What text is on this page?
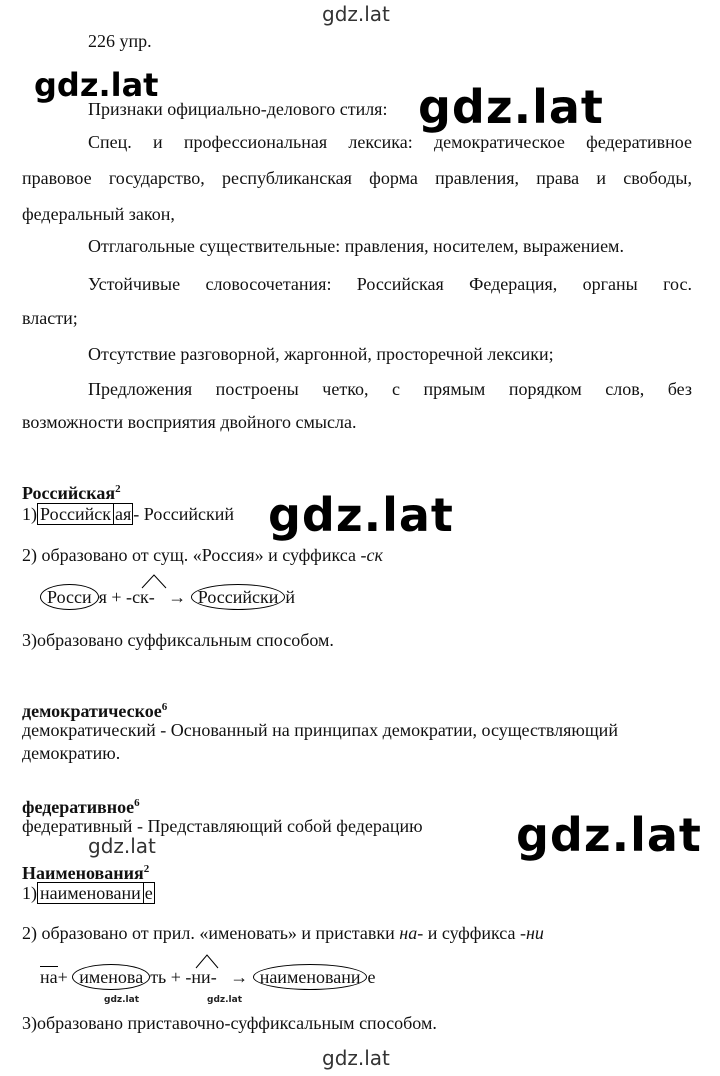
gdz.lat
gdz.lat	gdz.lat
gdz.lat
gdz.lat
gdz.lat
gdz.lat	gdz.lat
gdz.lat
226 упр.
Признаки официально-делового стиля:
Спец. и профессиональная лексика: демократическое федеративное
правовое государство, республиканская форма правления, права и свободы,
федеральный закон,
Отглагольные существительные: правления, носителем, выражением.
Устойчивые словосочетания: Российская Федерация, органы гос.
власти;
Отсутствие разговорной, жаргонной, просторечной лексики;
Предложения построены четко, с прямым порядком слов, без
возможности восприятия двойного смысла.
Российская$^2$
1) Российск ая - Российский
2) образовано от сущ. «Россия» и суффикса -ск
Росси я + -ск- → Российски й
3)образовано суффиксальным способом.
демократическое$^6$
демократический - Основанный на принципах демократии, осуществляющий
демократию.
федеративное$^6$
федеративный - Представляющий собой федерацию
Наименования$^2$
1) наименовани е
2) образовано от прил. «именовать» и приставки на- и суффикса -ни
на+ именова ть + -ни- → наименовани е
3)образовано приставочно-суффиксальным способом.
